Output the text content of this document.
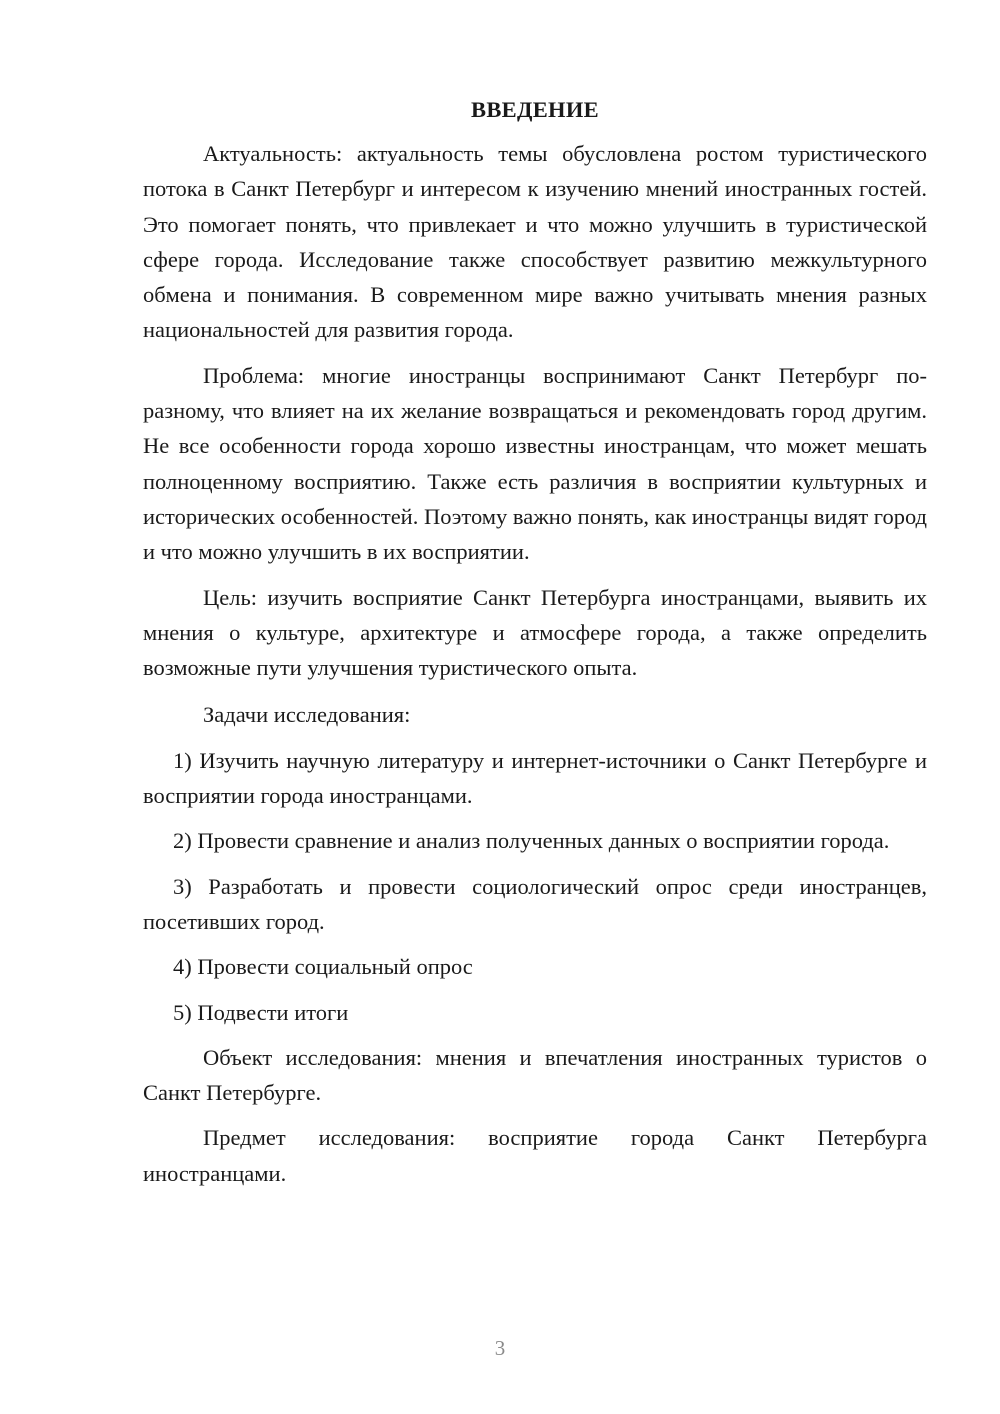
ВВЕДЕНИЕ

Актуальность: актуальность темы обусловлена ростом туристического потока в Санкт Петербург и интересом к изучению мнений иностранных гостей. Это помогает понять, что привлекает и что можно улучшить в туристической сфере города. Исследование также способствует развитию межкультурного обмена и понимания. В современном мире важно учитывать мнения разных национальностей для развития города.

Проблема: многие иностранцы воспринимают Санкт Петербург по-разному, что влияет на их желание возвращаться и рекомендовать город другим. Не все особенности города хорошо известны иностранцам, что может мешать полноценному восприятию. Также есть различия в восприятии культурных и исторических особенностей. Поэтому важно понять, как иностранцы видят город и что можно улучшить в их восприятии.

Цель: изучить восприятие Санкт Петербурга иностранцами, выявить их мнения о культуре, архитектуре и атмосфере города, а также определить возможные пути улучшения туристического опыта.

Задачи исследования:

1) Изучить научную литературу и интернет-источники о Санкт Петербурге и восприятии города иностранцами.

2) Провести сравнение и анализ полученных данных о восприятии города.

3) Разработать и провести социологический опрос среди иностранцев, посетивших город.

4) Провести социальный опрос

5) Подвести итоги

Объект исследования: мнения и впечатления иностранных туристов о Санкт Петербурге.

Предмет исследования: восприятие города Санкт Петербурга иностранцами.

3
